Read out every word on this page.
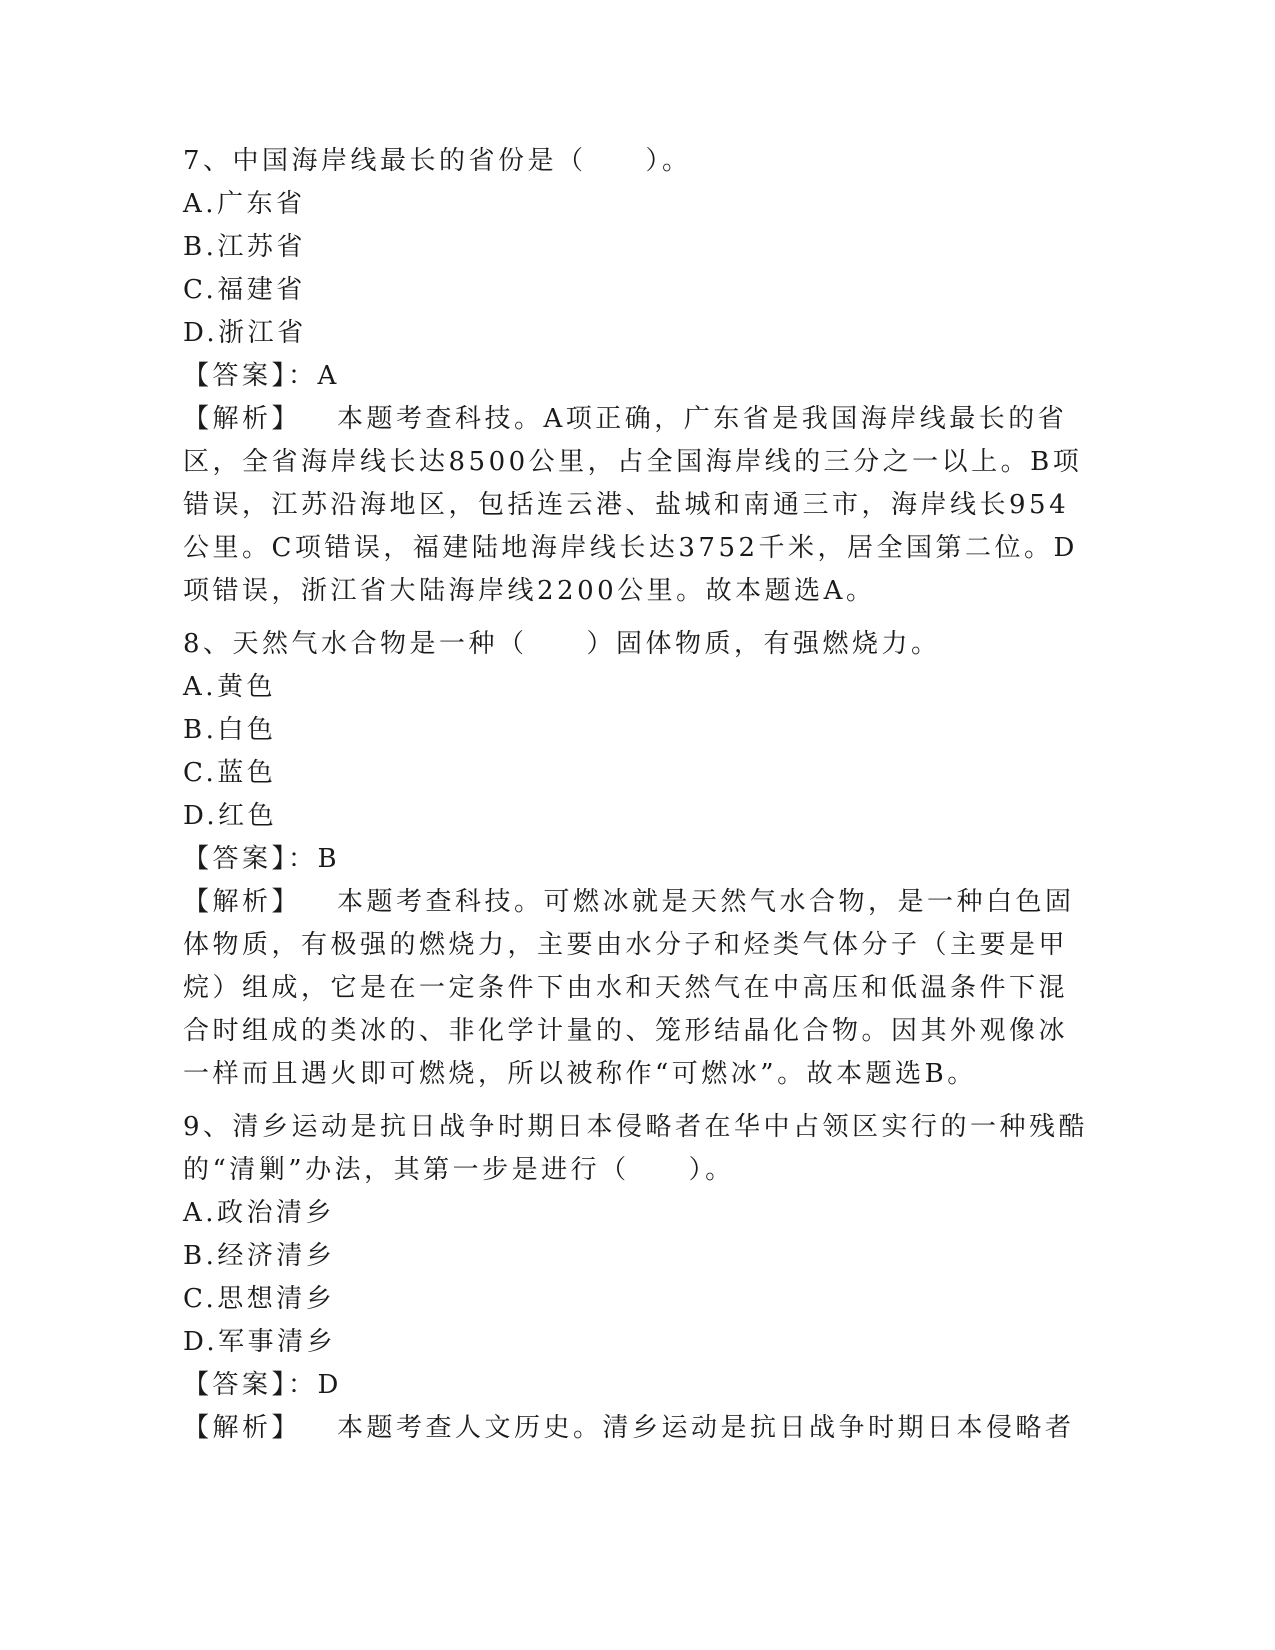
7、中国海岸线最长的省份是（　　）。
A.广东省
B.江苏省
C.福建省
D.浙江省
【答案】：A
【解析】 本题考查科技。A项正确，广东省是我国海岸线最长的省
区，全省海岸线长达8500公里，占全国海岸线的三分之一以上。B项
错误，江苏沿海地区，包括连云港、盐城和南通三市，海岸线长954
公里。C项错误，福建陆地海岸线长达3752千米，居全国第二位。D
项错误，浙江省大陆海岸线2200公里。故本题选A。
8、天然气水合物是一种（　　）固体物质，有强燃烧力。
A.黄色
B.白色
C.蓝色
D.红色
【答案】：B
【解析】 本题考查科技。可燃冰就是天然气水合物，是一种白色固
体物质，有极强的燃烧力，主要由水分子和烃类气体分子（主要是甲
烷）组成，它是在一定条件下由水和天然气在中高压和低温条件下混
合时组成的类冰的、非化学计量的、笼形结晶化合物。因其外观像冰
一样而且遇火即可燃烧，所以被称作“可燃冰”。故本题选B。
9、清乡运动是抗日战争时期日本侵略者在华中占领区实行的一种残酷
的“清剿”办法，其第一步是进行（　　）。
A.政治清乡
B.经济清乡
C.思想清乡
D.军事清乡
【答案】：D
【解析】 本题考查人文历史。清乡运动是抗日战争时期日本侵略者
